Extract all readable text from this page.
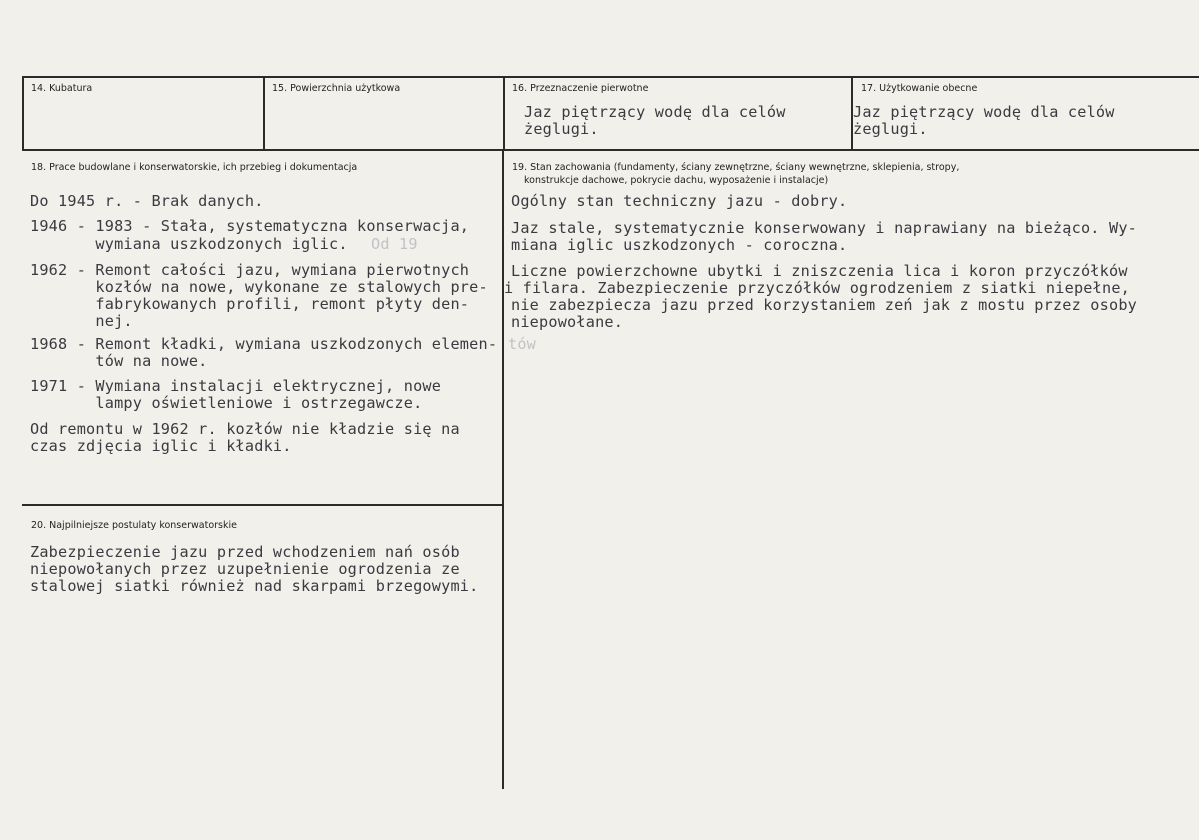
14. Kubatura	15. Powierzchnia użytkowa	16. Przeznaczenie pierwotne
Jaz piętrzący wodę dla celów
żeglugi.
17. Użytkowanie obecne
Jaz piętrzący wodę dla celów
żeglugi.
18. Prace budowlane i konserwatorskie, ich przebieg i dokumentacja
Do 1945 r. - Brak danych.
1946 - 1983 - Stała, systematyczna konserwacja,
wymiana uszkodzonych iglic. Od 19
1962 - Remont całości jazu, wymiana pierwotnych
kozłów na nowe, wykonane ze stalowych pre-
fabrykowanych profili, remont płyty den-
nej.
1968 - Remont kładki, wymiana uszkodzonych elemen-
tów na nowe.
tów
1971 - Wymiana instalacji elektrycznej, nowe
lampy oświetleniowe i ostrzegawcze.
Od remontu w 1962 r. kozłów nie kładzie się na
czas zdjęcia iglic i kładki.
19. Stan zachowania (fundamenty, ściany zewnętrzne, ściany wewnętrzne, sklepienia, stropy,
konstrukcje dachowe, pokrycie dachu, wyposażenie i instalacje)
Ogólny stan techniczny jazu - dobry.
Jaz stale, systematycznie konserwowany i naprawiany na bieżąco. Wy-
miana iglic uszkodzonych - coroczna.
Liczne powierzchowne ubytki i zniszczenia lica i koron przyczółków
i filara. Zabezpieczenie przyczółków ogrodzeniem z siatki niepełne,
nie zabezpiecza jazu przed korzystaniem zeń jak z mostu przez osoby
niepowołane.
20. Najpilniejsze postulaty konserwatorskie
Zabezpieczenie jazu przed wchodzeniem nań osób
niepowołanych przez uzupełnienie ogrodzenia ze
stalowej siatki również nad skarpami brzegowymi.
